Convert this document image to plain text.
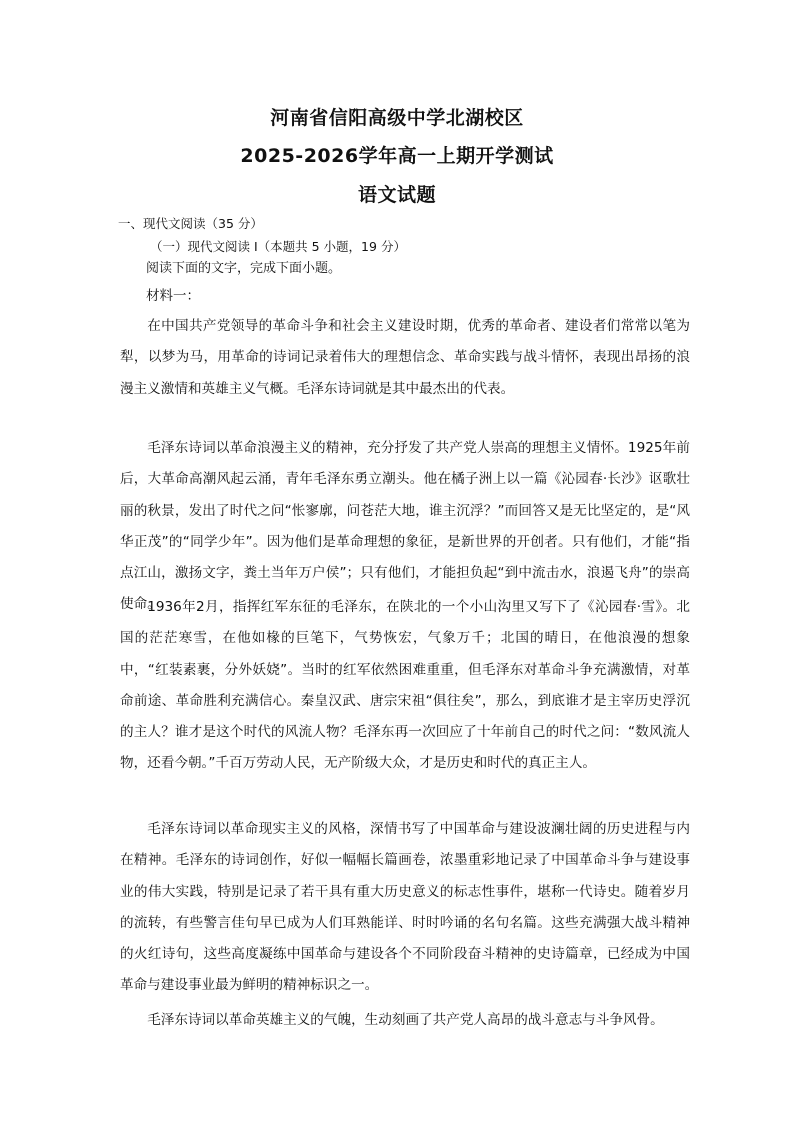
河南省信阳高级中学北湖校区
2025-2026学年高一上期开学测试
语文试题
一、现代文阅读（35 分）
（一）现代文阅读 I（本题共 5 小题，19 分）
阅读下面的文字，完成下面小题。
材料一：

在中国共产党领导的革命斗争和社会主义建设时期，优秀的革命者、建设者们常常以笔为犁，以梦为马，用革命的诗词记录着伟大的理想信念、革命实践与战斗情怀，表现出昂扬的浪漫主义激情和英雄主义气概。毛泽东诗词就是其中最杰出的代表。

毛泽东诗词以革命浪漫主义的精神，充分抒发了共产党人崇高的理想主义情怀。1925年前后，大革命高潮风起云涌，青年毛泽东勇立潮头。他在橘子洲上以一篇《沁园春·长沙》讴歌壮丽的秋景，发出了时代之问“怅寥廓，问苍茫大地，谁主沉浮？”而回答又是无比坚定的，是“风华正茂”的“同学少年”。因为他们是革命理想的象征，是新世界的开创者。只有他们，才能“指点江山，激扬文字，粪土当年万户侯”；只有他们，才能担负起“到中流击水，浪遏飞舟”的崇高使命。

1936年2月，指挥红军东征的毛泽东，在陕北的一个小山沟里又写下了《沁园春·雪》。北国的茫茫寒雪，在他如椽的巨笔下，气势恢宏，气象万千；北国的晴日，在他浪漫的想象中，“红装素裹，分外妖娆”。当时的红军依然困难重重，但毛泽东对革命斗争充满激情，对革命前途、革命胜利充满信心。秦皇汉武、唐宗宋祖“俱往矣”，那么，到底谁才是主宰历史浮沉的主人？谁才是这个时代的风流人物？毛泽东再一次回应了十年前自己的时代之问：“数风流人物，还看今朝。”千百万劳动人民，无产阶级大众，才是历史和时代的真正主人。

毛泽东诗词以革命现实主义的风格，深情书写了中国革命与建设波澜壮阔的历史进程与内在精神。毛泽东的诗词创作，好似一幅幅长篇画卷，浓墨重彩地记录了中国革命斗争与建设事业的伟大实践，特别是记录了若干具有重大历史意义的标志性事件，堪称一代诗史。随着岁月的流转，有些警言佳句早已成为人们耳熟能详、时时吟诵的名句名篇。这些充满强大战斗精神的火红诗句，这些高度凝练中国革命与建设各个不同阶段奋斗精神的史诗篇章，已经成为中国革命与建设事业最为鲜明的精神标识之一。

毛泽东诗词以革命英雄主义的气魄，生动刻画了共产党人高昂的战斗意志与斗争风骨。
